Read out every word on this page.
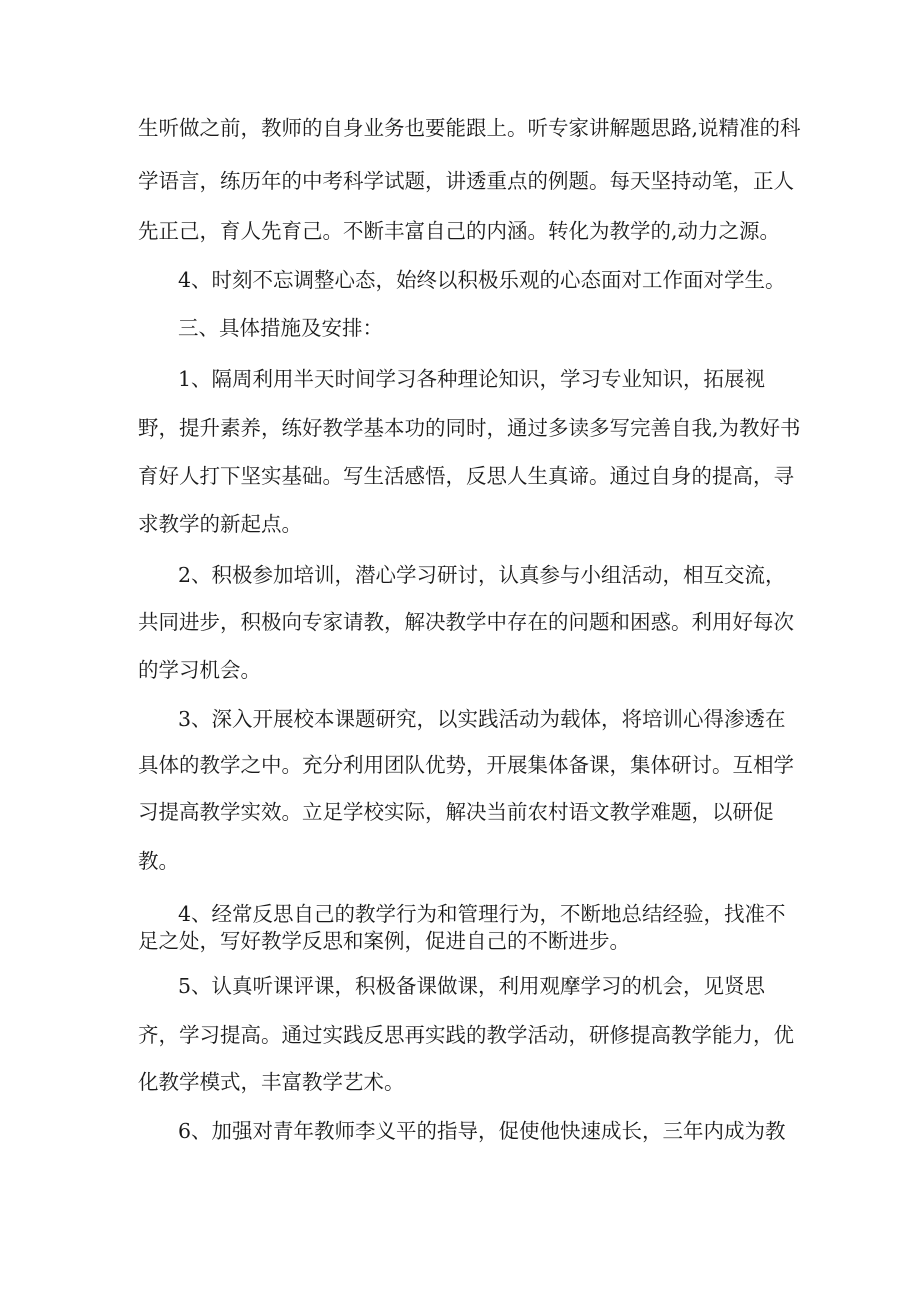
生听做之前，教师的自身业务也要能跟上。听专家讲解题思路,说精准的科
学语言，练历年的中考科学试题，讲透重点的例题。每天坚持动笔，正人
先正己，育人先育己。不断丰富自己的内涵。转化为教学的,动力之源。
4、时刻不忘调整心态，始终以积极乐观的心态面对工作面对学生。
三、具体措施及安排：
1、隔周利用半天时间学习各种理论知识，学习专业知识，拓展视
野，提升素养，练好教学基本功的同时，通过多读多写完善自我,为教好书
育好人打下坚实基础。写生活感悟，反思人生真谛。通过自身的提高，寻
求教学的新起点。
2、积极参加培训，潜心学习研讨，认真参与小组活动，相互交流，
共同进步，积极向专家请教，解决教学中存在的问题和困惑。利用好每次
的学习机会。
3、深入开展校本课题研究，以实践活动为载体，将培训心得渗透在
具体的教学之中。充分利用团队优势，开展集体备课，集体研讨。互相学
习提高教学实效。立足学校实际，解决当前农村语文教学难题，以研促
教。
4、经常反思自己的教学行为和管理行为，不断地总结经验，找准不
足之处，写好教学反思和案例，促进自己的不断进步。
5、认真听课评课，积极备课做课，利用观摩学习的机会，见贤思
齐，学习提高。通过实践反思再实践的教学活动，研修提高教学能力，优
化教学模式，丰富教学艺术。
6、加强对青年教师李义平的指导，促使他快速成长，三年内成为教
